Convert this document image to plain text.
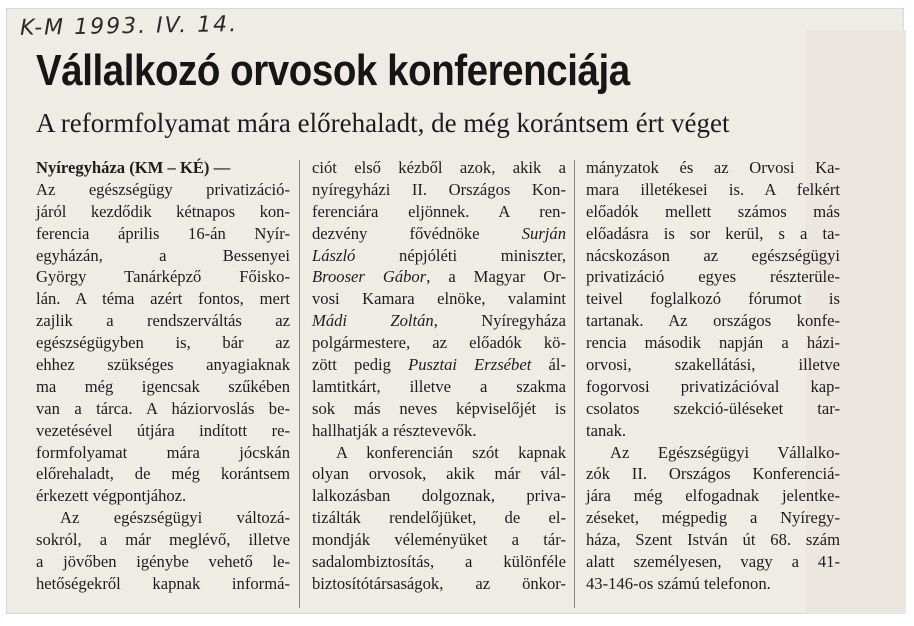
K-M 1993. IV. 14.
Vállalkozó orvosok konferenciája
A reformfolyamat mára előrehaladt, de még korántsem ért véget
Nyíregyháza (KM – KÉ) —
Az egészségügy privatizáció-
járól kezdődik kétnapos kon-
ferencia április 16-án Nyír-
egyházán, a Bessenyei
György Tanárképző Főisko-
lán. A téma azért fontos, mert
zajlik a rendszerváltás az
egészségügyben is, bár az
ehhez szükséges anyagiaknak
ma még igencsak szűkében
van a tárca. A háziorvoslás be-
vezetésével útjára indított re-
formfolyamat mára jócskán
előrehaladt, de még korántsem
érkezett végpontjához.
Az egészségügyi változá-
sokról, a már meglévő, illetve
a jövőben igénybe vehető le-
hetőségekről kapnak informá-
ciót első kézből azok, akik a
nyíregyházi II. Országos Kon-
ferenciára eljönnek. A ren-
dezvény fővédnöke Surján
László népjóléti miniszter,
Brooser Gábor, a Magyar Or-
vosi Kamara elnöke, valamint
Mádi Zoltán, Nyíregyháza
polgármestere, az előadók kö-
zött pedig Pusztai Erzsébet ál-
lamtitkárt, illetve a szakma
sok más neves képviselőjét is
hallhatják a résztevevők.
A konferencián szót kapnak
olyan orvosok, akik már vál-
lalkozásban dolgoznak, priva-
tizálták rendelőjüket, de el-
mondják véleményüket a tár-
sadalombiztosítás, a különféle
biztosítótársaságok, az önkor-
mányzatok és az Orvosi Ka-
mara illetékesei is. A felkért
előadók mellett számos más
előadásra is sor kerül, s a ta-
nácskozáson az egészségügyi
privatizáció egyes részterüle-
teivel foglalkozó fórumot is
tartanak. Az országos konfe-
rencia második napján a házi-
orvosi, szakellátási, illetve
fogorvosi privatizációval kap-
csolatos szekció-üléseket tar-
tanak.
Az Egészségügyi Vállalko-
zók II. Országos Konferenciá-
jára még elfogadnak jelentke-
zéseket, mégpedig a Nyíregy-
háza, Szent István út 68. szám
alatt személyesen, vagy a 41-
43-146-os számú telefonon.
